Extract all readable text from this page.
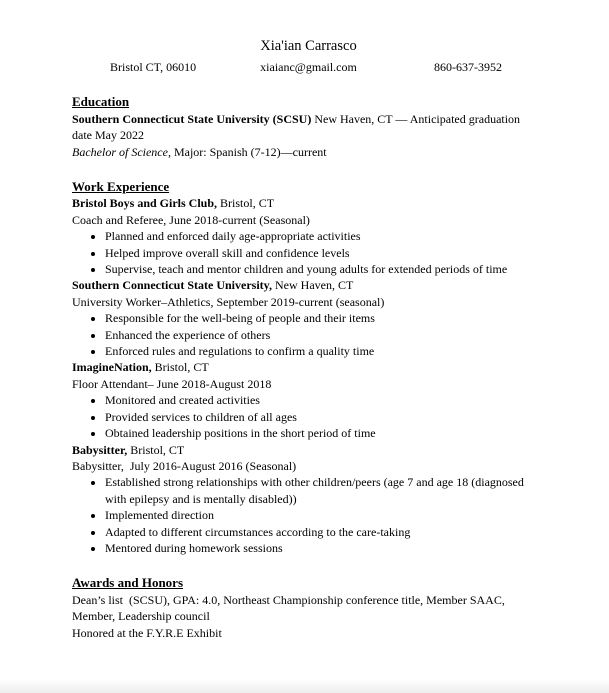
Xia'ian Carrasco
Bristol CT, 06010	xiaianc@gmail.com	860-637-3952
Education

Southern Connecticut State University (SCSU) New Haven, CT — Anticipated graduation
date May 2022

Bachelor of Science, Major: Spanish (7-12)—current

Work Experience

Bristol Boys and Girls Club, Bristol, CT

Coach and Referee, June 2018-current (Seasonal)

• Planned and enforced daily age-appropriate activities
• Helped improve overall skill and confidence levels
• Supervise, teach and mentor children and young adults for extended periods of time

Southern Connecticut State University, New Haven, CT

University Worker–Athletics, September 2019-current (seasonal)

• Responsible for the well-being of people and their items
• Enhanced the experience of others
• Enforced rules and regulations to confirm a quality time

ImagineNation, Bristol, CT

Floor Attendant– June 2018-August 2018

• Monitored and created activities
• Provided services to children of all ages
• Obtained leadership positions in the short period of time

Babysitter, Bristol, CT

Babysitter,  July 2016-August 2016 (Seasonal)

• Established strong relationships with other children/peers (age 7 and age 18 (diagnosed with epilepsy and is mentally disabled))
• Implemented direction
• Adapted to different circumstances according to the care-taking
• Mentored during homework sessions
Awards and Honors

Dean’s list  (SCSU), GPA: 4.0, Northeast Championship conference title, Member SAAC,

Member, Leadership council

Honored at the F.Y.R.E Exhibit
